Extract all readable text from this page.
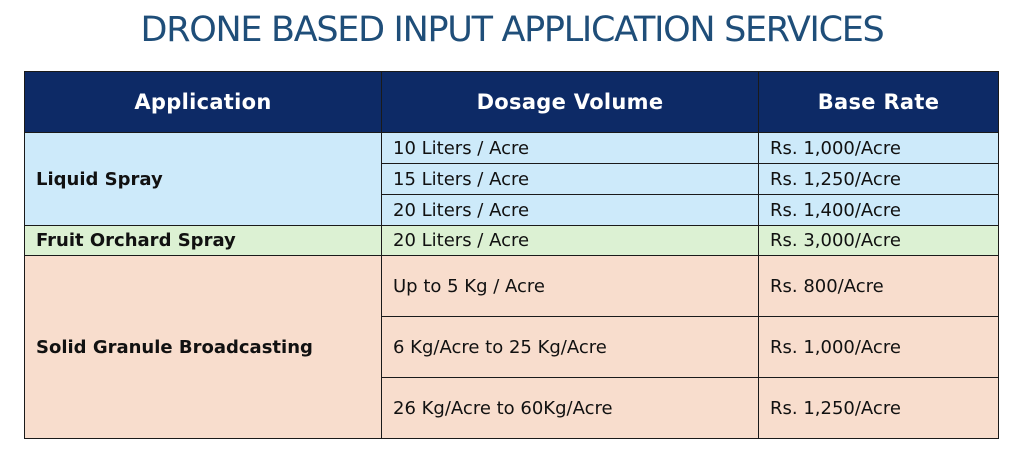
DRONE BASED INPUT APPLICATION SERVICES
Application	Dosage Volume	Base Rate
Liquid Spray	10 Liters / Acre	Rs. 1,000/Acre
	15 Liters / Acre	Rs. 1,250/Acre
	20 Liters / Acre	Rs. 1,400/Acre
Fruit Orchard Spray	20 Liters / Acre	Rs. 3,000/Acre
Solid Granule Broadcasting	Up to 5 Kg / Acre	Rs. 800/Acre
	6 Kg/Acre to 25 Kg/Acre	Rs. 1,000/Acre
	26 Kg/Acre to 60Kg/Acre	Rs. 1,250/Acre
